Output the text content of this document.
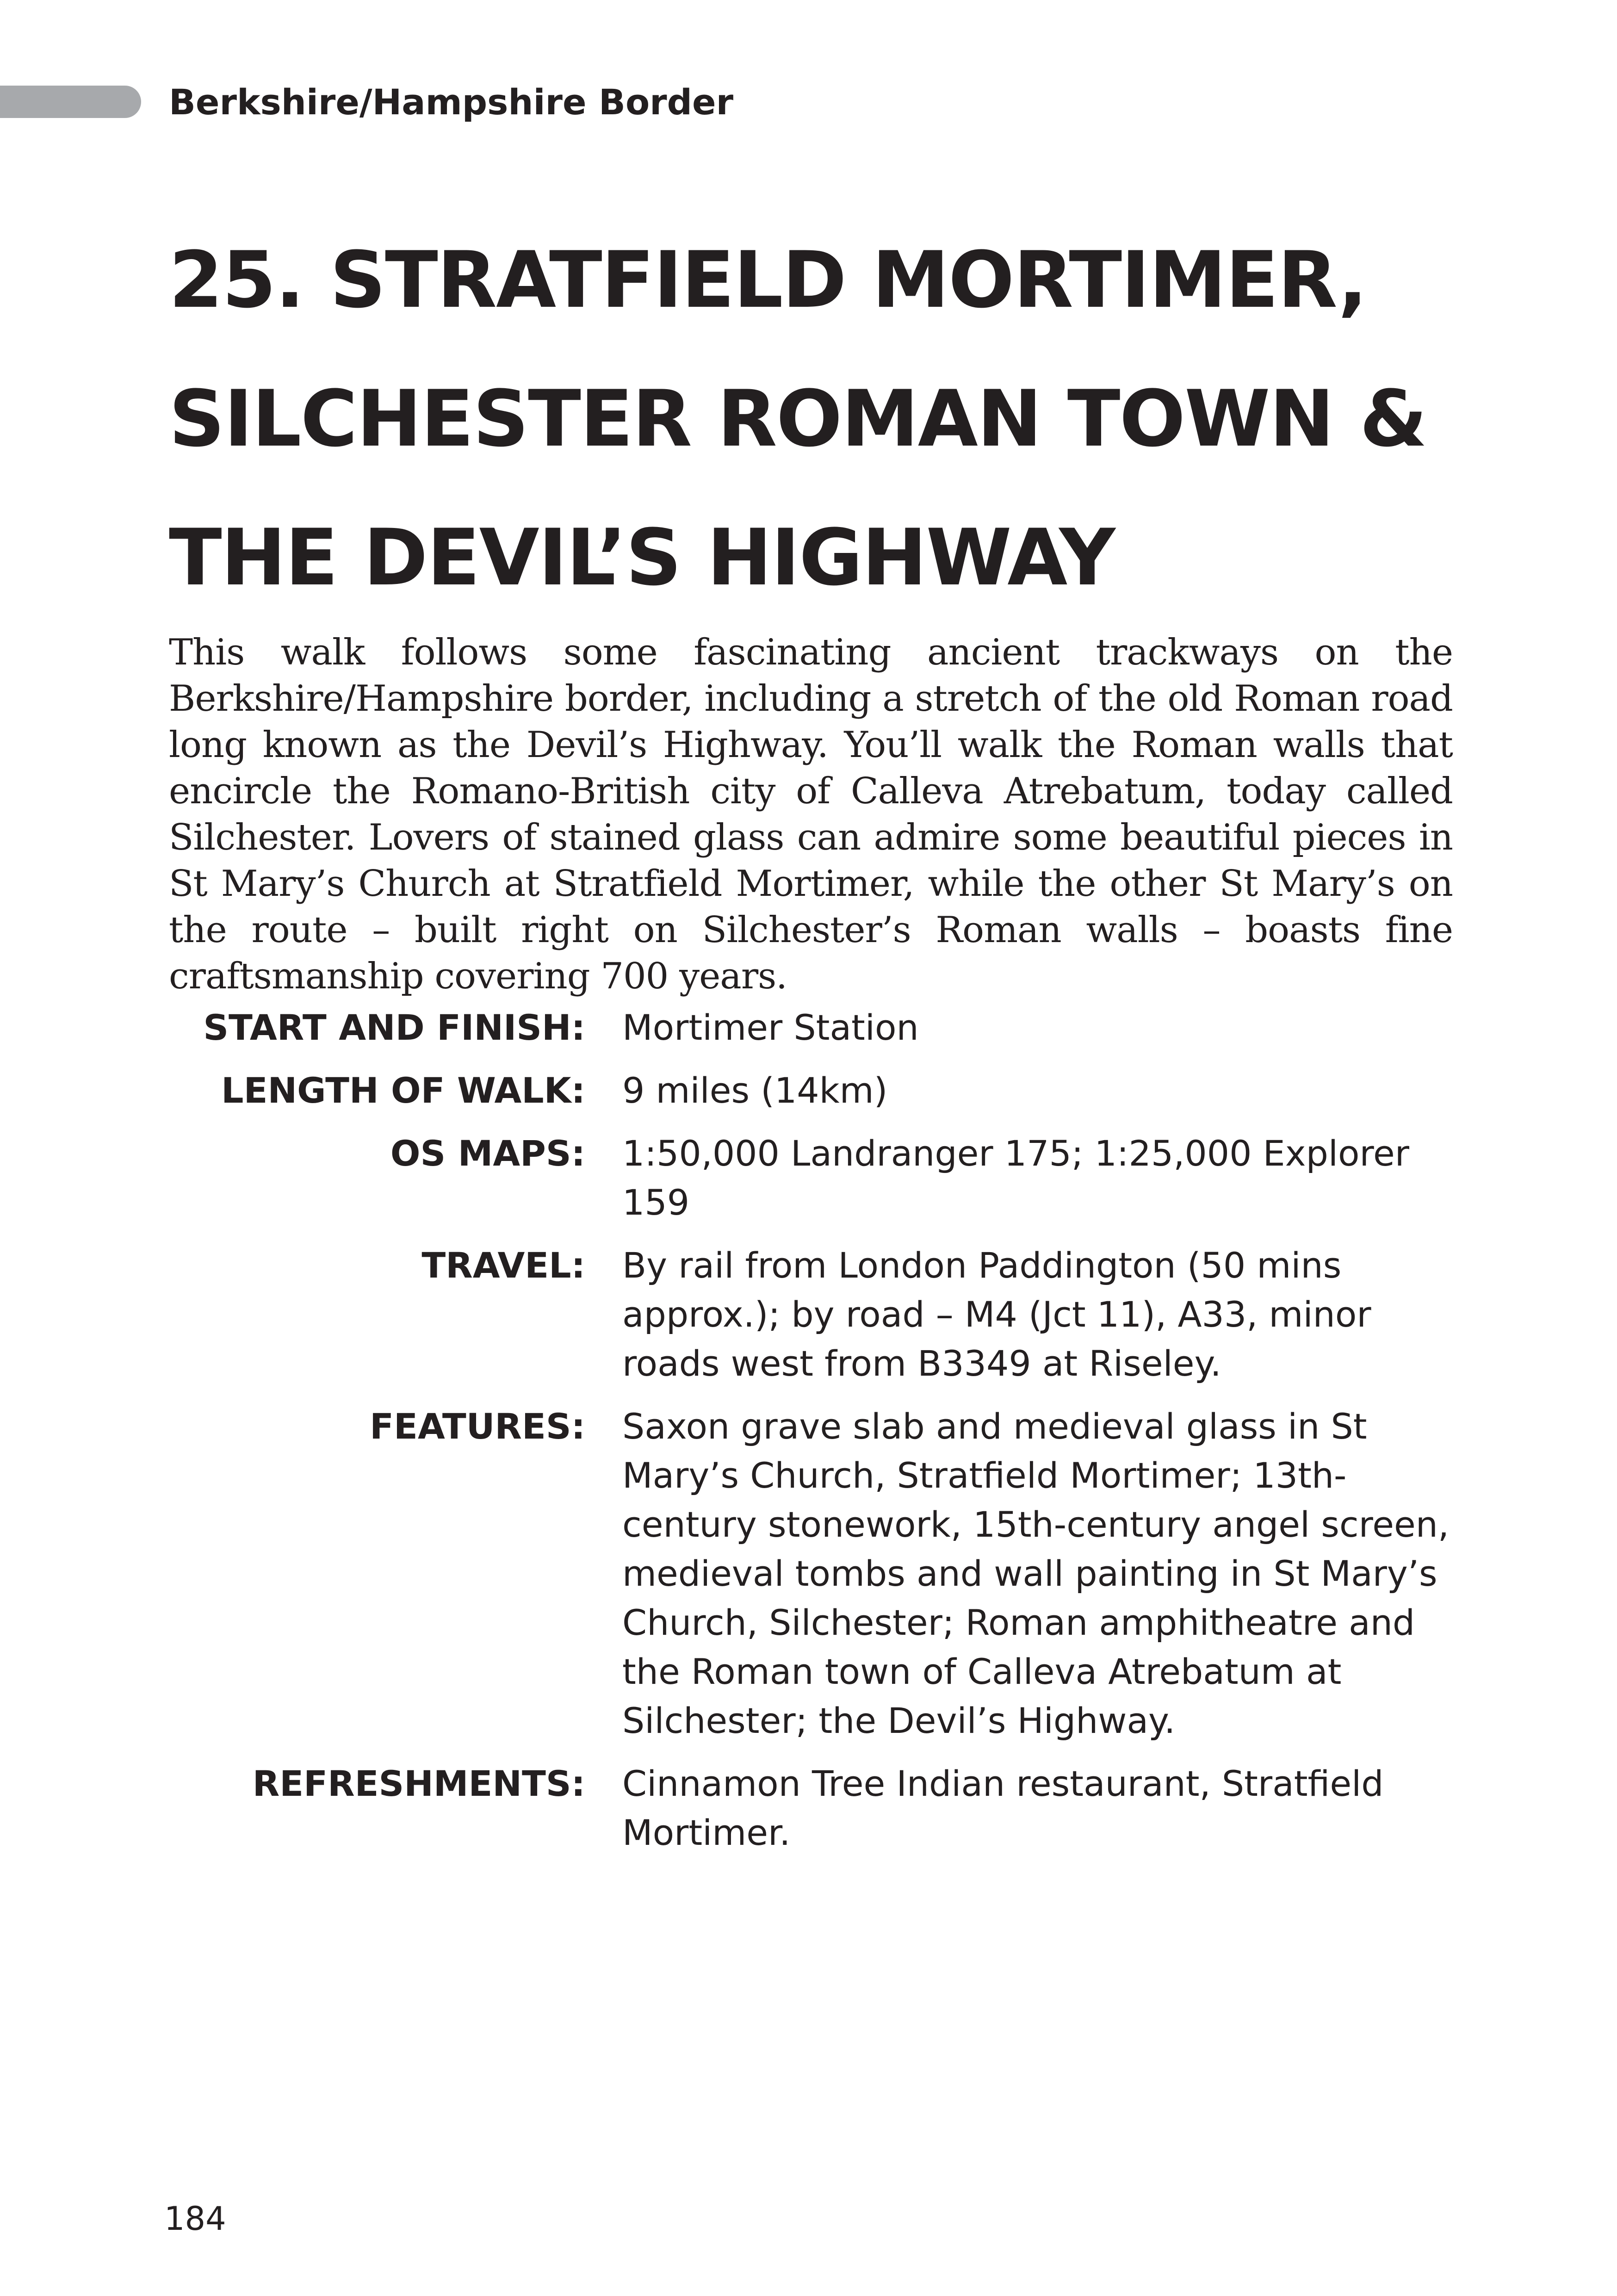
Berkshire/Hampshire Border
25. STRATFIELD MORTIMER,
SILCHESTER ROMAN TOWN &
THE DEVIL’S HIGHWAY

This walk follows some fascinating ancient trackways on the Berkshire/Hampshire border, including a stretch of the old Roman road long known as the Devil’s Highway. You’ll walk the Roman walls that encircle the Romano-British city of Calleva Atrebatum, today called Silchester. Lovers of stained glass can admire some beautiful pieces in St Mary’s Church at Stratfield Mortimer, while the other St Mary’s on the route – built right on Silchester’s Roman walls – boasts fine craftsmanship covering 700 years.

START AND FINISH: Mortimer Station
LENGTH OF WALK: 9 miles (14km)
OS MAPS: 1:50,000 Landranger 175; 1:25,000 Explorer 159
TRAVEL: By rail from London Paddington (50 mins approx.); by road – M4 (Jct 11), A33, minor roads west from B3349 at Riseley.
FEATURES: Saxon grave slab and medieval glass in St Mary’s Church, Stratfield Mortimer; 13th-century stonework, 15th-century angel screen, medieval tombs and wall painting in St Mary’s Church, Silchester; Roman amphitheatre and the Roman town of Calleva Atrebatum at Silchester; the Devil’s Highway.
REFRESHMENTS: Cinnamon Tree Indian restaurant, Stratfield Mortimer.
184
